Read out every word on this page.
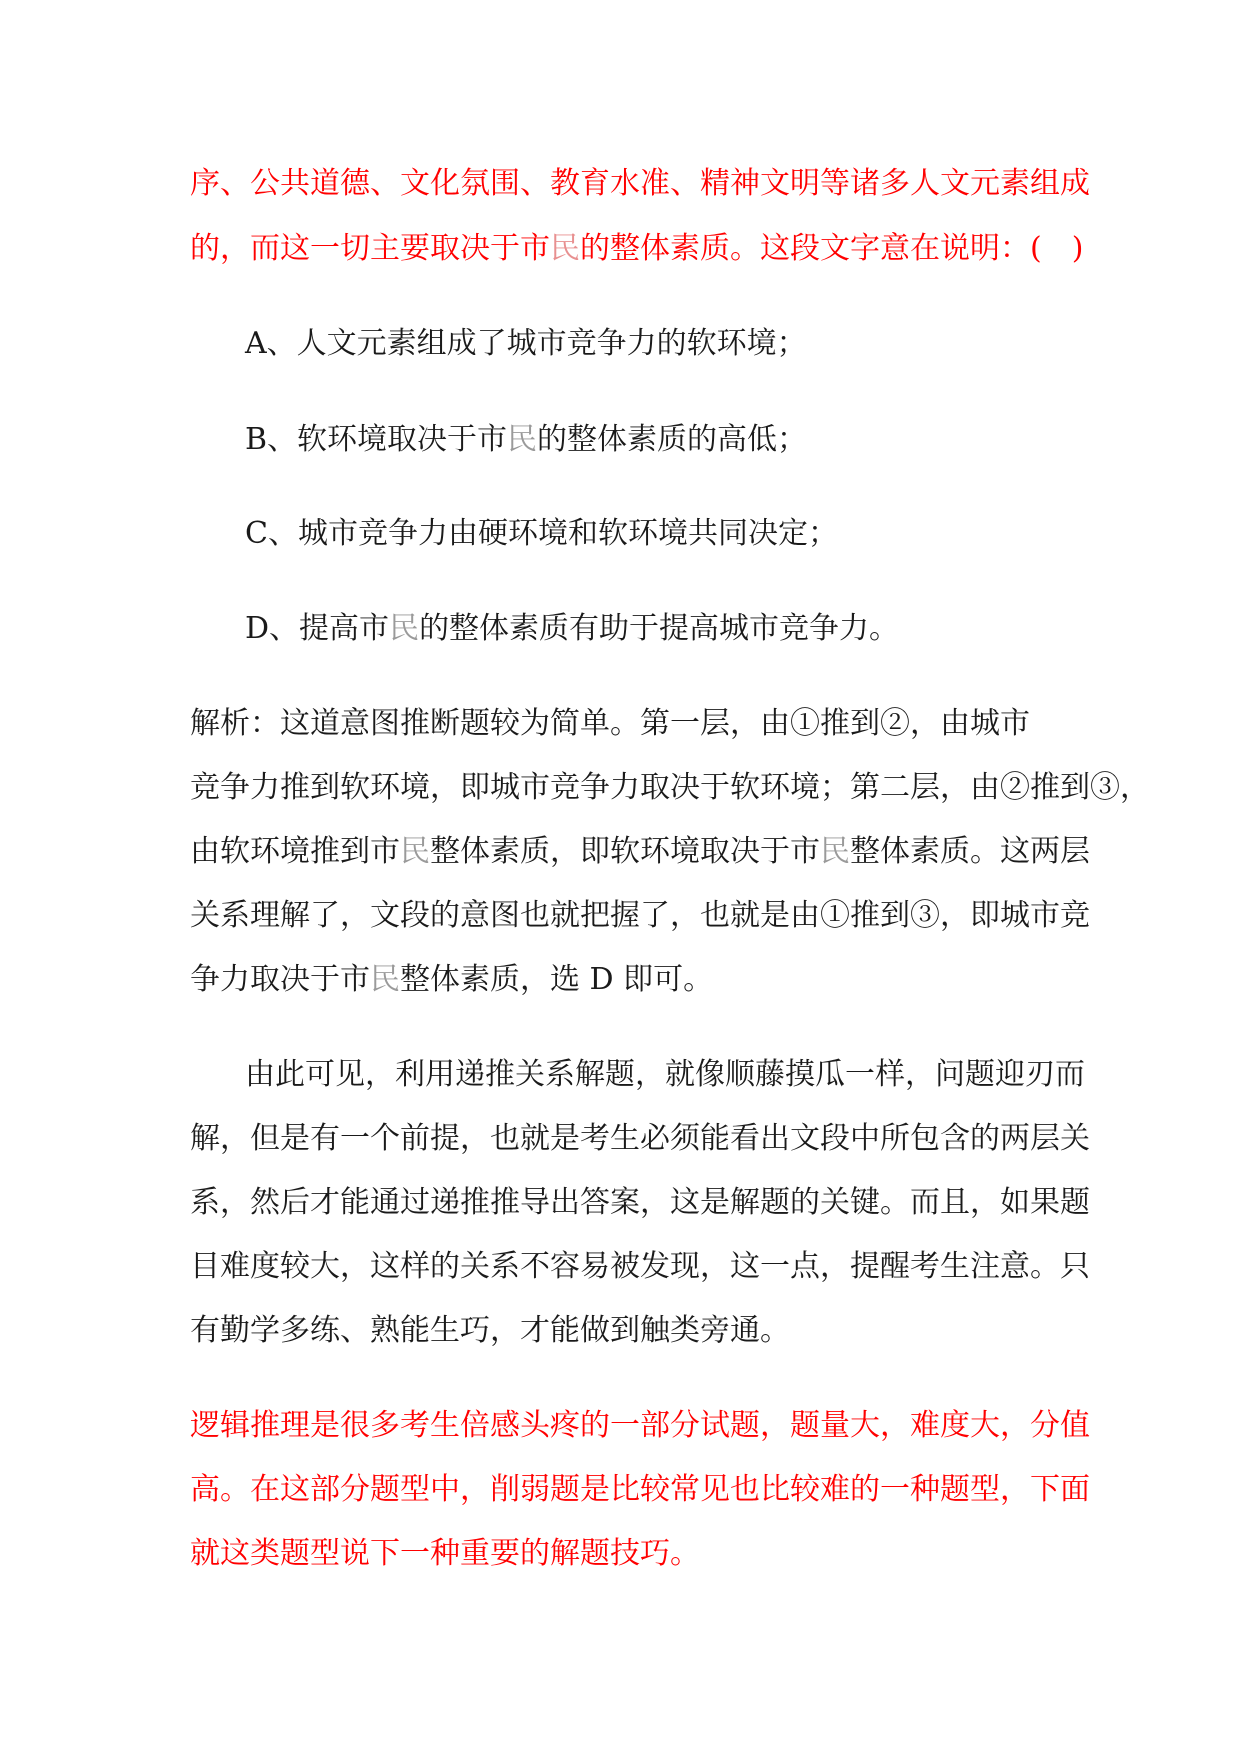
序、公共道德、文化氛围、教育水准、精神文明等诸多人文元素组成
的，而这一切主要取决于市民的整体素质。这段文字意在说明：(　)
A、人文元素组成了城市竞争力的软环境；
B、软环境取决于市民的整体素质的高低；
C、城市竞争力由硬环境和软环境共同决定；
D、提高市民的整体素质有助于提高城市竞争力。
解析：这道意图推断题较为简单。第一层，由①推到②，由城市
竞争力推到软环境，即城市竞争力取决于软环境；第二层，由②推到③，
由软环境推到市民整体素质，即软环境取决于市民整体素质。这两层
关系理解了，文段的意图也就把握了，也就是由①推到③，即城市竞
争力取决于市民整体素质，选 D 即可。
由此可见，利用递推关系解题，就像顺藤摸瓜一样，问题迎刃而
解，但是有一个前提，也就是考生必须能看出文段中所包含的两层关
系，然后才能通过递推推导出答案，这是解题的关键。而且，如果题
目难度较大，这样的关系不容易被发现，这一点，提醒考生注意。只
有勤学多练、熟能生巧，才能做到触类旁通。
逻辑推理是很多考生倍感头疼的一部分试题，题量大，难度大，分值
高。在这部分题型中，削弱题是比较常见也比较难的一种题型，下面
就这类题型说下一种重要的解题技巧。
